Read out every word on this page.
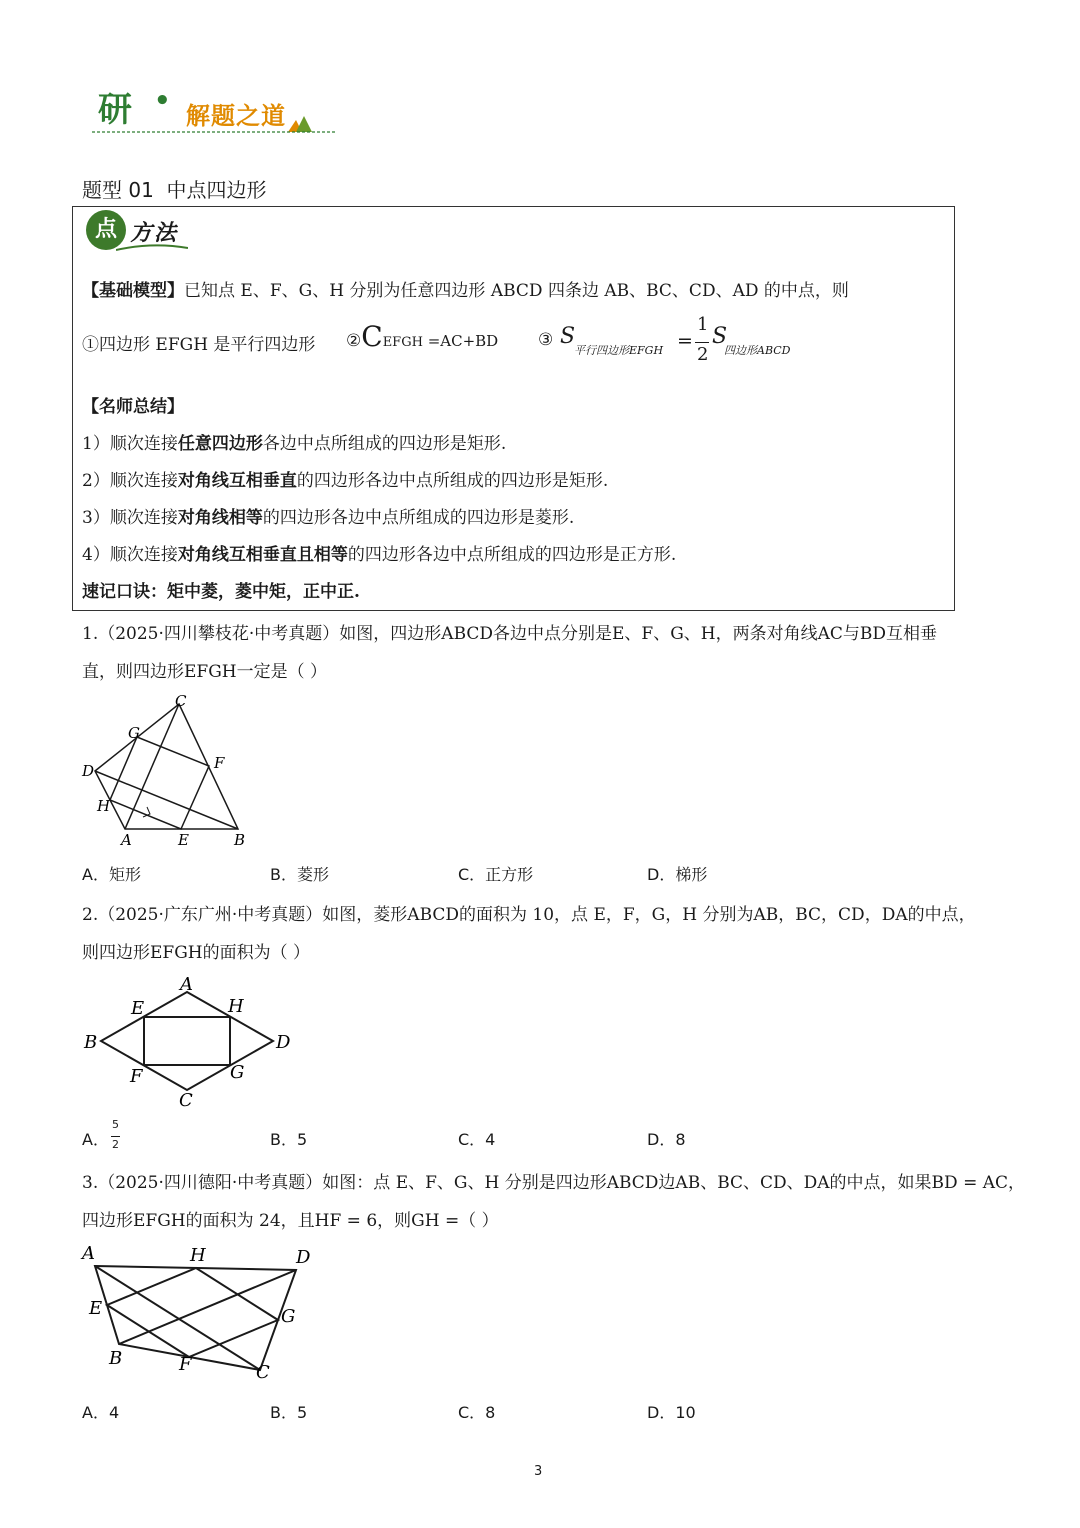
研 • 解题之道
题型 01  中点四边形
点 方法
【基础模型】已知点 E、F、G、H 分别为任意四边形 ABCD 四条边 AB、BC、CD、AD 的中点，则
①四边形 EFGH 是平行四边形 ②CEFGH =AC+BD ③ S
平行四边形EFGH =
1
2
S
四边形ABCD
【名师总结】
1）顺次连接任意四边形各边中点所组成的四边形是矩形.
2）顺次连接对角线互相垂直的四边形各边中点所组成的四边形是矩形.
3）顺次连接对角线相等的四边形各边中点所组成的四边形是菱形.
4）顺次连接对角线互相垂直且相等的四边形各边中点所组成的四边形是正方形.
速记口诀：矩中菱，菱中矩，正中正.
1.（2025·四川攀枝花·中考真题）如图，四边形ABCD各边中点分别是E、F、G、H，两条对角线AC与BD互相垂
直，则四边形EFGH一定是（ ）
C
G
F
D
H
A	E	B
A．矩形	B．菱形	C．正方形	D．梯形
2.（2025·广东广州·中考真题）如图，菱形ABCD的面积为 10，点 E，F，G，H 分别为AB，BC，CD，DA的中点，
则四边形EFGH的面积为（ ）
A
E	H
B	D
F	G
C
A．
5
2	B．5	C．4	D．8
3.（2025·四川德阳·中考真题）如图：点 E、F、G、H 分别是四边形ABCD边AB、BC、CD、DA的中点，如果BD = AC，
四边形EFGH的面积为 24，且HF = 6，则GH =（ ）
A	H	D
E	G
B	F	C
A．4	B．5	C．8	D．10
3
